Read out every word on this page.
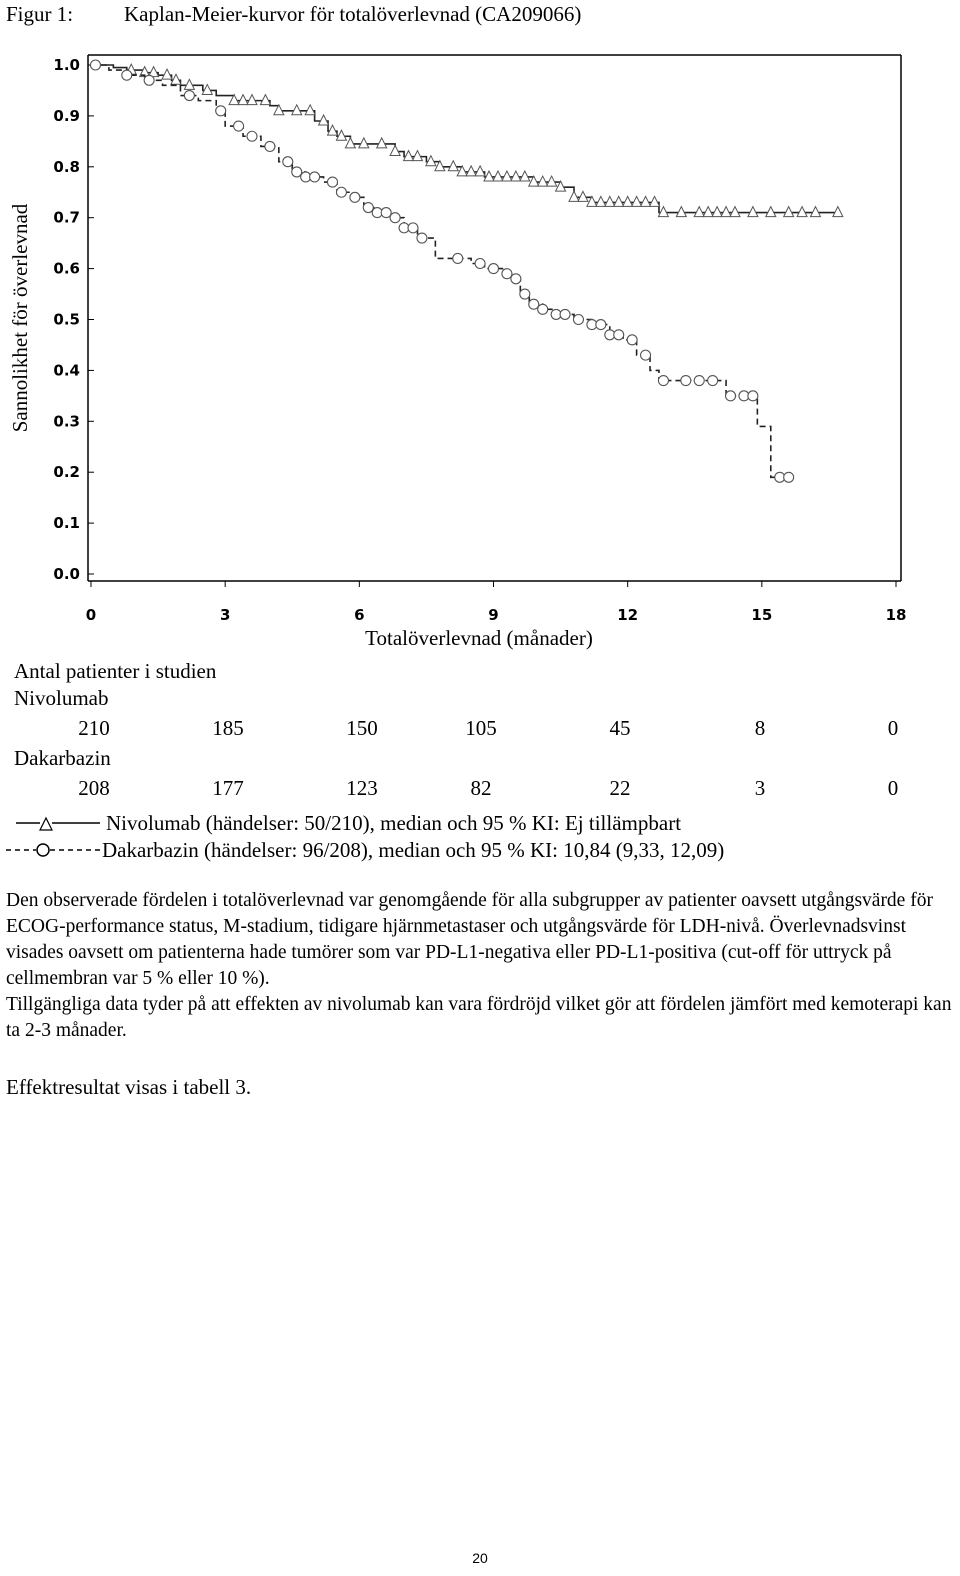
Figur 1: Kaplan-Meier-kurvor för totalöverlevnad (CA209066)
0.0
0.1
0.2
0.3
0.4
0.5
0.6
0.7
0.8
0.9
1.0
0	3	6	9	12	15	18
Sannolikhet för överlevnad
Totalöverlevnad (månader)
Antal patienter i studien
Nivolumab
210	185	150	105	45	8	0
Dakarbazin
208	177	123	82	22	3	0
Nivolumab (händelser: 50/210), median och 95 % KI: Ej tillämpbart
Dakarbazin (händelser: 96/208), median och 95 % KI: 10,84 (9,33, 12,09)

Den observerade fördelen i totalöverlevnad var genomgående för alla subgrupper av patienter oavsett utgångsvärde för ECOG-performance status, M-stadium, tidigare hjärnmetastaser och utgångsvärde för LDH-nivå. Överlevnadsvinst visades oavsett om patienterna hade tumörer som var PD-L1-negativa eller PD-L1-positiva (cut-off för uttryck på cellmembran var 5 % eller 10 %).

Tillgängliga data tyder på att effekten av nivolumab kan vara fördröjd vilket gör att fördelen jämfört med kemoterapi kan ta 2-3 månader.

Effektresultat visas i tabell 3.
20
